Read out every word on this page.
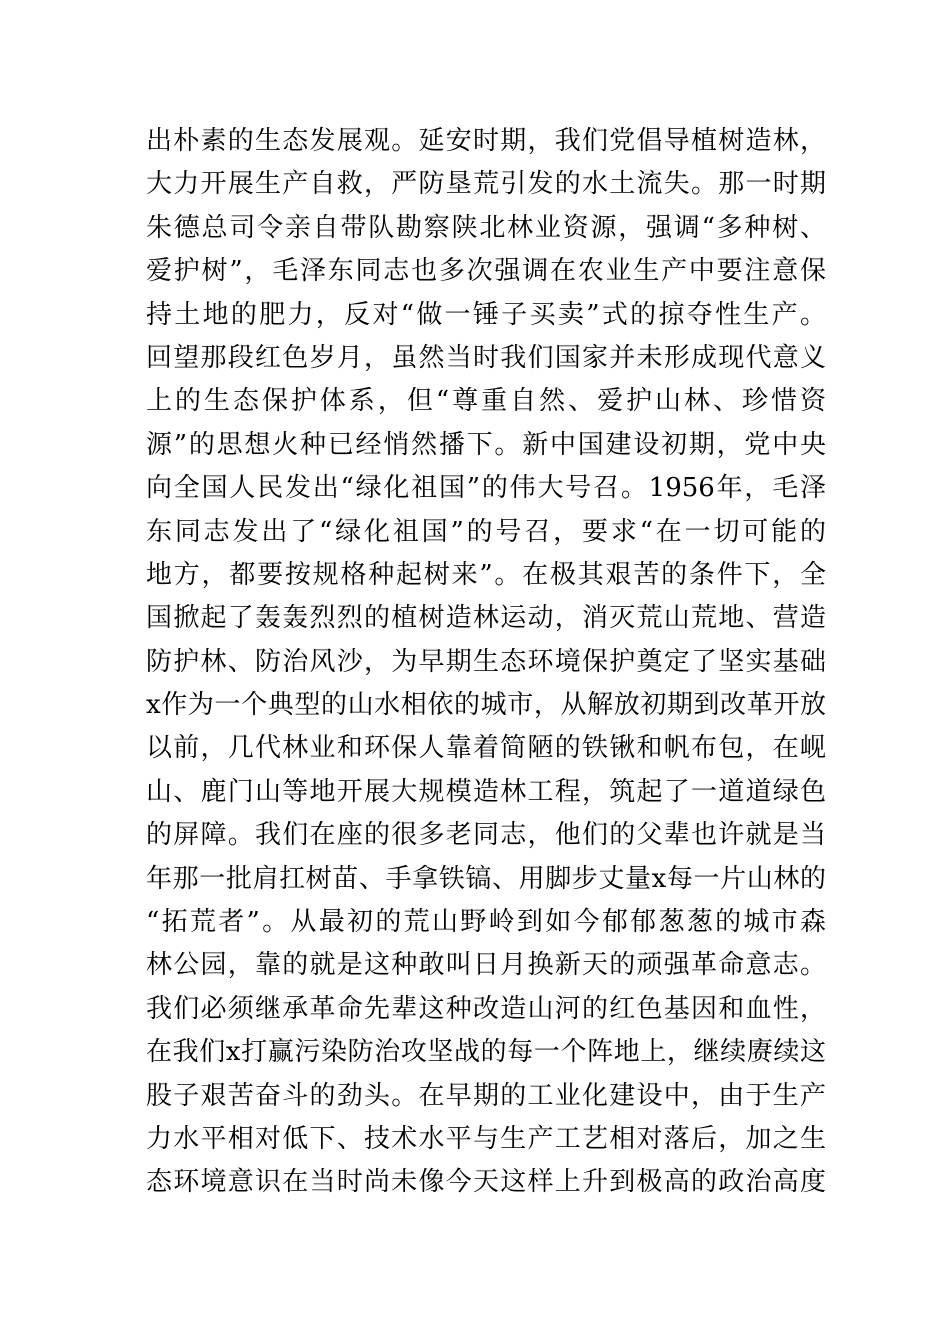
出朴素的生态发展观。延安时期，我们党倡导植树造林，
大力开展生产自救，严防垦荒引发的水土流失。那一时期
朱德总司令亲自带队勘察陕北林业资源，强调“多种树、
爱护树”，毛泽东同志也多次强调在农业生产中要注意保
持土地的肥力，反对“做一锤子买卖”式的掠夺性生产。
回望那段红色岁月，虽然当时我们国家并未形成现代意义
上的生态保护体系，但“尊重自然、爱护山林、珍惜资
源”的思想火种已经悄然播下。新中国建设初期，党中央
向全国人民发出“绿化祖国”的伟大号召。1956年，毛泽
东同志发出了“绿化祖国”的号召，要求“在一切可能的
地方，都要按规格种起树来”。在极其艰苦的条件下，全
国掀起了轰轰烈烈的植树造林运动，消灭荒山荒地、营造
防护林、防治风沙，为早期生态环境保护奠定了坚实基础
x作为一个典型的山水相依的城市，从解放初期到改革开放
以前，几代林业和环保人靠着简陋的铁锹和帆布包，在岘
山、鹿门山等地开展大规模造林工程，筑起了一道道绿色
的屏障。我们在座的很多老同志，他们的父辈也许就是当
年那一批肩扛树苗、手拿铁镐、用脚步丈量x每一片山林的
“拓荒者”。从最初的荒山野岭到如今郁郁葱葱的城市森
林公园，靠的就是这种敢叫日月换新天的顽强革命意志。
我们必须继承革命先辈这种改造山河的红色基因和血性，
在我们x打赢污染防治攻坚战的每一个阵地上，继续赓续这
股子艰苦奋斗的劲头。在早期的工业化建设中，由于生产
力水平相对低下、技术水平与生产工艺相对落后，加之生
态环境意识在当时尚未像今天这样上升到极高的政治高度
